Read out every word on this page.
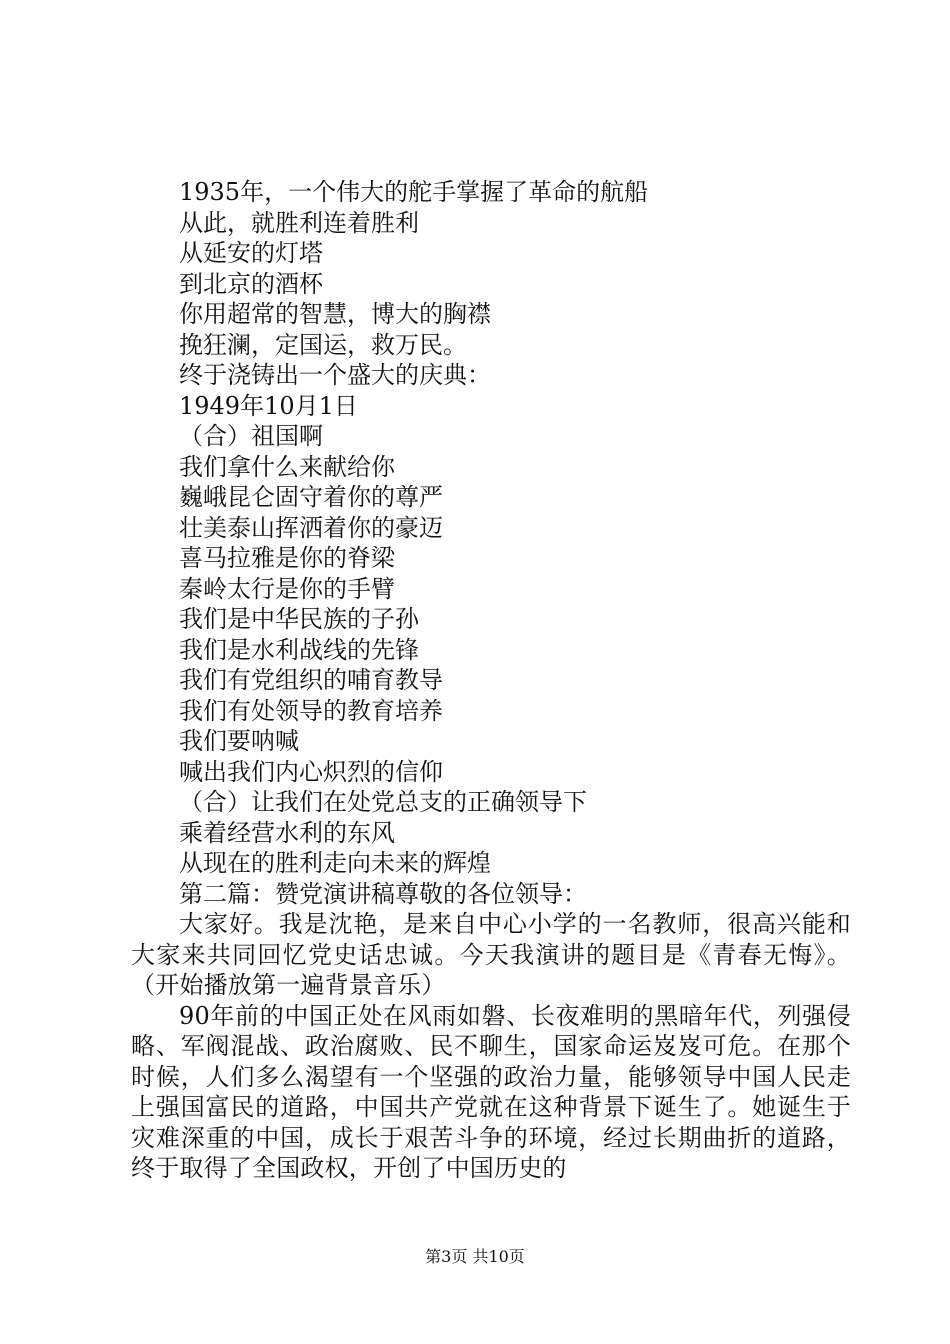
1935年，一个伟大的舵手掌握了革命的航船
从此，就胜利连着胜利
从延安的灯塔
到北京的酒杯
你用超常的智慧，博大的胸襟
挽狂澜，定国运，救万民。
终于浇铸出一个盛大的庆典：
1949年10月1日
（合）祖国啊
我们拿什么来献给你
巍峨昆仑固守着你的尊严
壮美泰山挥洒着你的豪迈
喜马拉雅是你的脊梁
秦岭太行是你的手臂
我们是中华民族的子孙
我们是水利战线的先锋
我们有党组织的哺育教导
我们有处领导的教育培养
我们要呐喊
喊出我们内心炽烈的信仰
（合）让我们在处党总支的正确领导下
乘着经营水利的东风
从现在的胜利走向未来的辉煌
第二篇：赞党演讲稿尊敬的各位领导：

大家好。我是沈艳，是来自中心小学的一名教师，很高兴能和大家来共同回忆党史话忠诚。今天我演讲的题目是《青春无悔》。（开始播放第一遍背景音乐）

90年前的中国正处在风雨如磐、长夜难明的黑暗年代，列强侵略、军阀混战、政治腐败、民不聊生，国家命运岌岌可危。在那个时候，人们多么渴望有一个坚强的政治力量，能够领导中国人民走上强国富民的道路，中国共产党就在这种背景下诞生了。她诞生于灾难深重的中国，成长于艰苦斗争的环境，经过长期曲折的道路，终于取得了全国政权，开创了中国历史的

第3页 共10页
